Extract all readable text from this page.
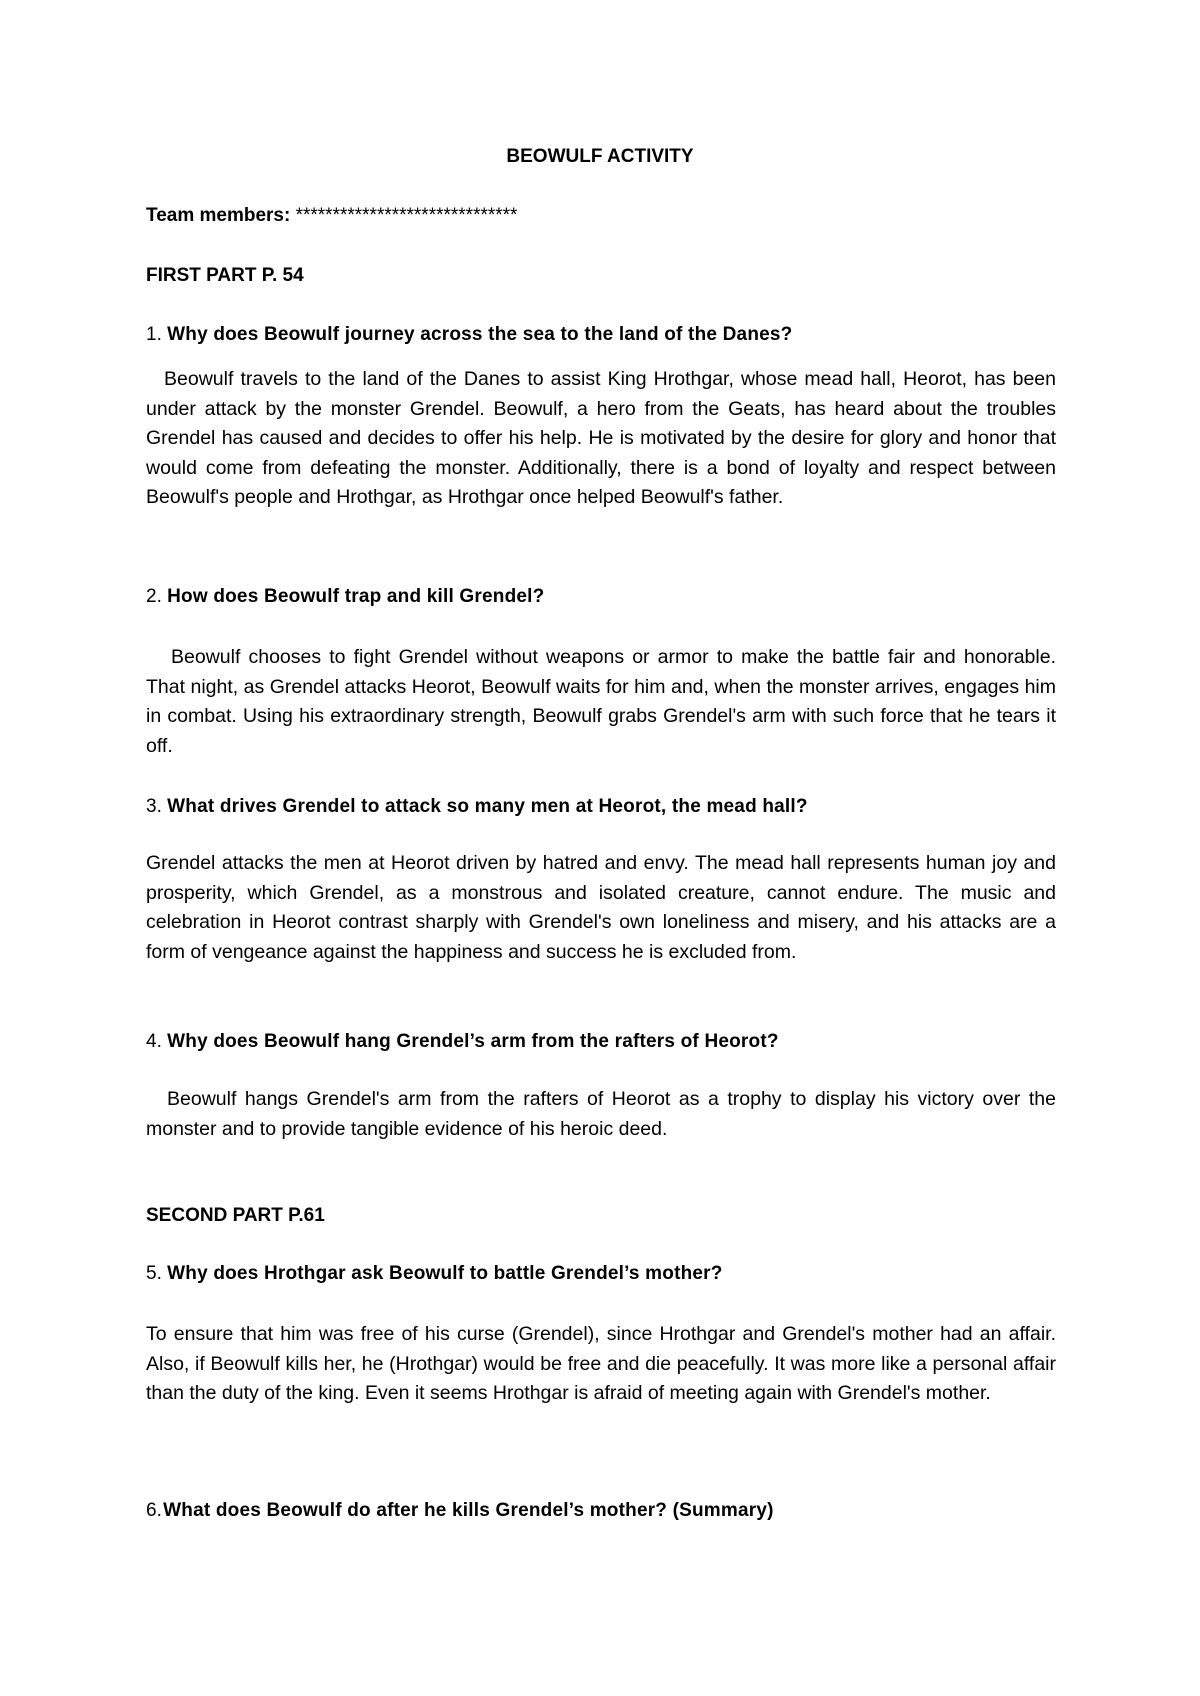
BEOWULF ACTIVITY
Team members: ******************************
FIRST PART P. 54
1. Why does Beowulf journey across the sea to the land of the Danes?

Beowulf travels to the land of the Danes to assist King Hrothgar, whose mead hall, Heorot, has been under attack by the monster Grendel. Beowulf, a hero from the Geats, has heard about the troubles Grendel has caused and decides to offer his help. He is motivated by the desire for glory and honor that would come from defeating the monster. Additionally, there is a bond of loyalty and respect between Beowulf's people and Hrothgar, as Hrothgar once helped Beowulf's father.

2. How does Beowulf trap and kill Grendel?

Beowulf chooses to fight Grendel without weapons or armor to make the battle fair and honorable. That night, as Grendel attacks Heorot, Beowulf waits for him and, when the monster arrives, engages him in combat. Using his extraordinary strength, Beowulf grabs Grendel's arm with such force that he tears it off.

3. What drives Grendel to attack so many men at Heorot, the mead hall?

Grendel attacks the men at Heorot driven by hatred and envy. The mead hall represents human joy and prosperity, which Grendel, as a monstrous and isolated creature, cannot endure. The music and celebration in Heorot contrast sharply with Grendel's own loneliness and misery, and his attacks are a form of vengeance against the happiness and success he is excluded from.

4. Why does Beowulf hang Grendel’s arm from the rafters of Heorot?

Beowulf hangs Grendel's arm from the rafters of Heorot as a trophy to display his victory over the monster and to provide tangible evidence of his heroic deed.

SECOND PART P.61
5. Why does Hrothgar ask Beowulf to battle Grendel’s mother?

To ensure that him was free of his curse (Grendel), since Hrothgar and Grendel's mother had an affair. Also, if Beowulf kills her, he (Hrothgar) would be free and die peacefully. It was more like a personal affair than the duty of the king. Even it seems Hrothgar is afraid of meeting again with Grendel's mother.

6. What does Beowulf do after he kills Grendel’s mother? (Summary)
